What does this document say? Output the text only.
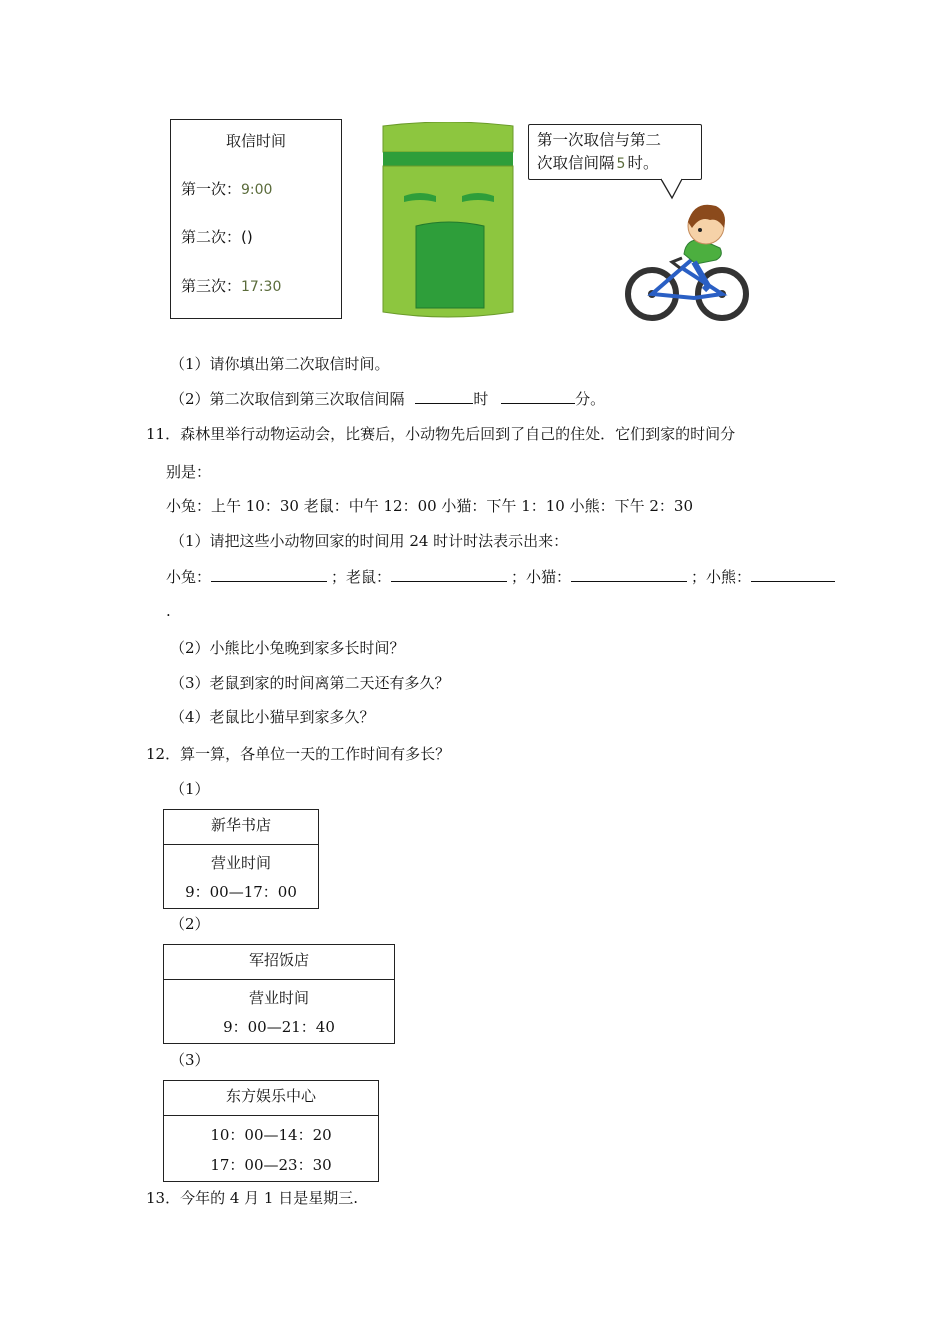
取信时间
第一次：9:00
第二次：()
第三次：17:30
第一次取信与第二
次取信间隔 5 时。
（1）请你填出第二次取信时间。
（2）第二次取信到第三次取信间隔	时	分。
11．森林里举行动物运动会，比赛后，小动物先后回到了自己的住处．它们到家的时间分
别是：
小兔：上午 10：30 老鼠：中午 12：00 小猫：下午 1：10 小熊：下午 2：30
（1）请把这些小动物回家的时间用 24 时计时法表示出来：
小兔：	；老鼠：	；小猫：	；小熊：
.
（2）小熊比小兔晚到家多长时间？
（3）老鼠到家的时间离第二天还有多久？
（4）老鼠比小猫早到家多久？
12．算一算，各单位一天的工作时间有多长？
（1）
新华书店
营业时间
9：00—17：00
（2）
军招饭店
营业时间
9：00—21：40
（3）
东方娱乐中心
10：00—14：20
17：00—23：30
13．今年的 4 月 1 日是星期三.
